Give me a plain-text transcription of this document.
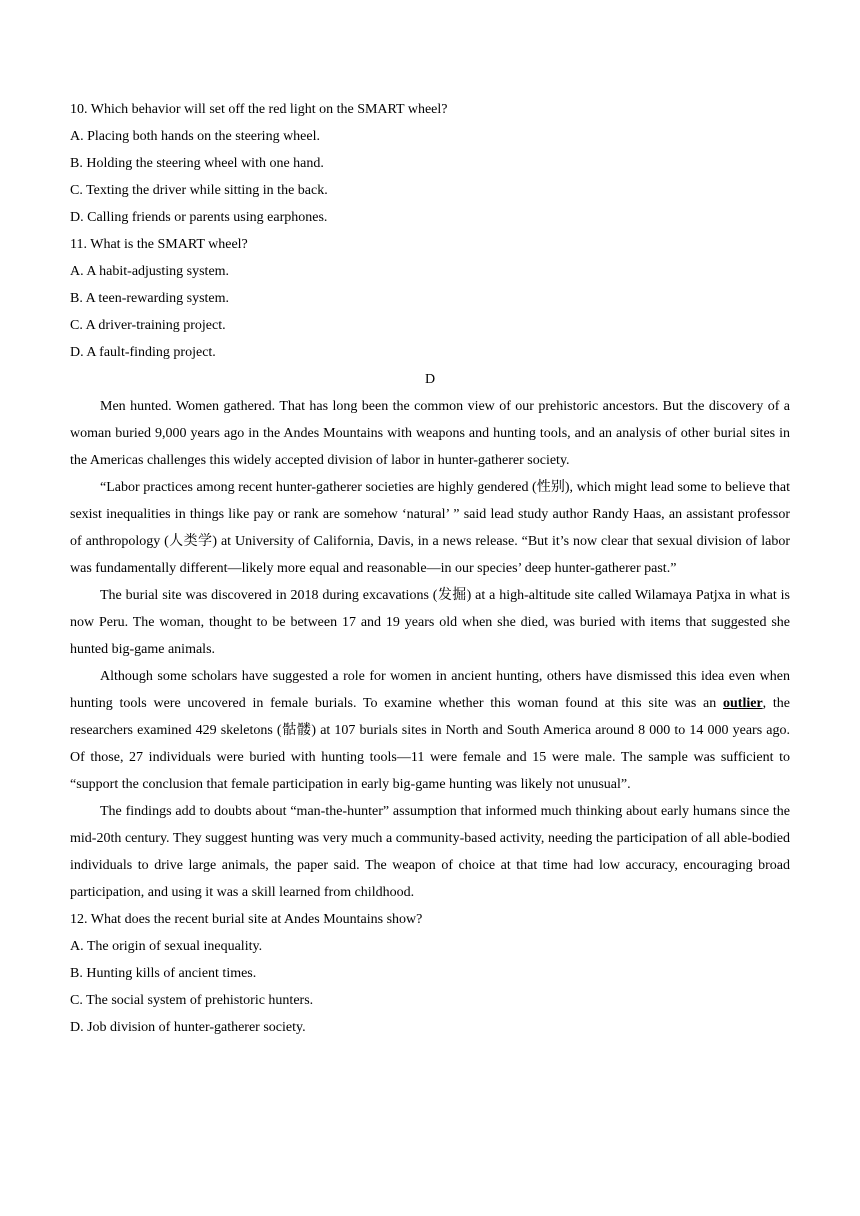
10. Which behavior will set off the red light on the SMART wheel?
A. Placing both hands on the steering wheel.
B. Holding the steering wheel with one hand.
C. Texting the driver while sitting in the back.
D. Calling friends or parents using earphones.
11. What is the SMART wheel?
A. A habit-adjusting system.
B. A teen-rewarding system.
C. A driver-training project.
D. A fault-finding project.
D
Men hunted. Women gathered. That has long been the common view of our prehistoric ancestors. But the discovery of a woman buried 9,000 years ago in the Andes Mountains with weapons and hunting tools, and an analysis of other burial sites in the Americas challenges this widely accepted division of labor in hunter-gatherer society.
“Labor practices among recent hunter-gatherer societies are highly gendered (性别), which might lead some to believe that sexist inequalities in things like pay or rank are somehow ‘natural’ ” said lead study author Randy Haas, an assistant professor of anthropology (人类学) at University of California, Davis, in a news release. “But it’s now clear that sexual division of labor was fundamentally different—likely more equal and reasonable—in our species’ deep hunter-gatherer past.”
The burial site was discovered in 2018 during excavations (发掘) at a high-altitude site called Wilamaya Patjxa in what is now Peru. The woman, thought to be between 17 and 19 years old when she died, was buried with items that suggested she hunted big-game animals.
Although some scholars have suggested a role for women in ancient hunting, others have dismissed this idea even when hunting tools were uncovered in female burials. To examine whether this woman found at this site was an outlier, the researchers examined 429 skeletons (骷髅) at 107 burials sites in North and South America around 8 000 to 14 000 years ago. Of those, 27 individuals were buried with hunting tools—11 were female and 15 were male. The sample was sufficient to “support the conclusion that female participation in early big-game hunting was likely not unusual”.
The findings add to doubts about “man-the-hunter” assumption that informed much thinking about early humans since the mid-20th century. They suggest hunting was very much a community-based activity, needing the participation of all able-bodied individuals to drive large animals, the paper said. The weapon of choice at that time had low accuracy, encouraging broad participation, and using it was a skill learned from childhood.
12. What does the recent burial site at Andes Mountains show?
A. The origin of sexual inequality.
B. Hunting kills of ancient times.
C. The social system of prehistoric hunters.
D. Job division of hunter-gatherer society.
